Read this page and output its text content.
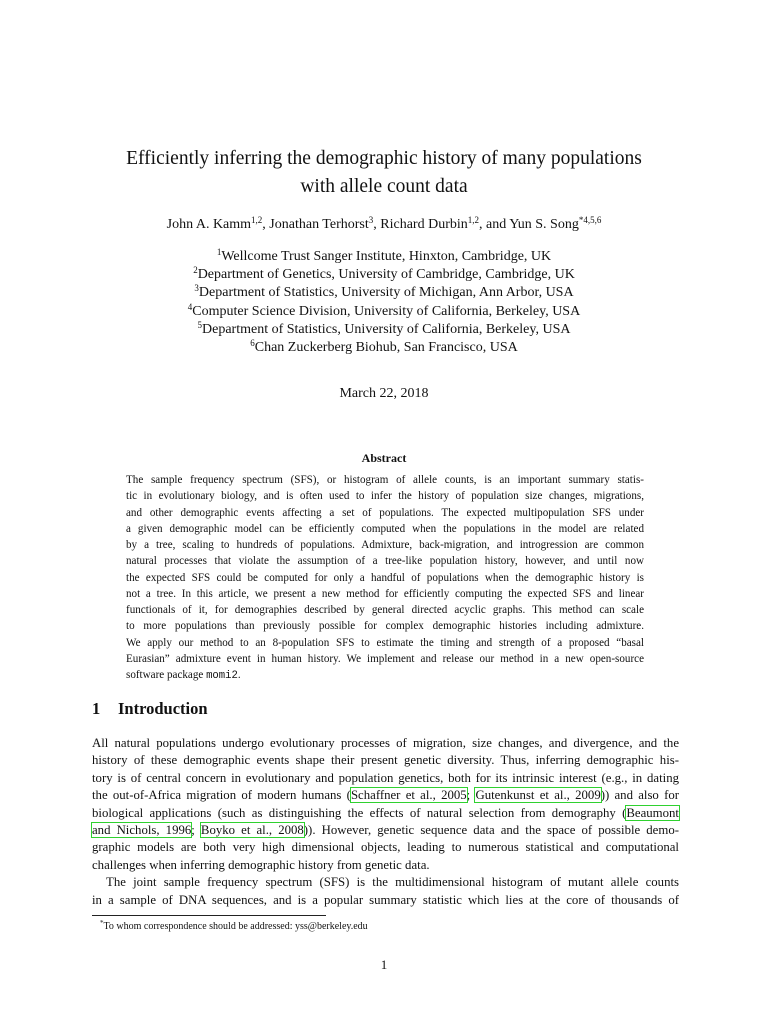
Efficiently inferring the demographic history of many populations
with allele count data
John A. Kamm$^{1,2}$, Jonathan Terhorst$^3$, Richard Durbin$^{1,2}$, and Yun S. Song$^{*4,5,6}$
$^1$Wellcome Trust Sanger Institute, Hinxton, Cambridge, UK
$^2$Department of Genetics, University of Cambridge, Cambridge, UK
$^3$Department of Statistics, University of Michigan, Ann Arbor, USA
$^4$Computer Science Division, University of California, Berkeley, USA
$^5$Department of Statistics, University of California, Berkeley, USA
$^6$Chan Zuckerberg Biohub, San Francisco, USA
March 22, 2018
Abstract
The sample frequency spectrum (SFS), or histogram of allele counts, is an important summary statis-
tic in evolutionary biology, and is often used to infer the history of population size changes, migrations,
and other demographic events affecting a set of populations. The expected multipopulation SFS under
a given demographic model can be efficiently computed when the populations in the model are related
by a tree, scaling to hundreds of populations. Admixture, back-migration, and introgression are common
natural processes that violate the assumption of a tree-like population history, however, and until now
the expected SFS could be computed for only a handful of populations when the demographic history is
not a tree. In this article, we present a new method for efficiently computing the expected SFS and linear
functionals of it, for demographies described by general directed acyclic graphs. This method can scale
to more populations than previously possible for complex demographic histories including admixture.
We apply our method to an 8-population SFS to estimate the timing and strength of a proposed “basal
Eurasian” admixture event in human history. We implement and release our method in a new open-source
software package momi2.
1 Introduction
All natural populations undergo evolutionary processes of migration, size changes, and divergence, and the
history of these demographic events shape their present genetic diversity. Thus, inferring demographic his-
tory is of central concern in evolutionary and population genetics, both for its intrinsic interest (e.g., in dating
the out-of-Africa migration of modern humans (Schaffner et al., 2005; Gutenkunst et al., 2009)) and also for
biological applications (such as distinguishing the effects of natural selection from demography (Beaumont
and Nichols, 1996; Boyko et al., 2008)). However, genetic sequence data and the space of possible demo-
graphic models are both very high dimensional objects, leading to numerous statistical and computational
challenges when inferring demographic history from genetic data.
The joint sample frequency spectrum (SFS) is the multidimensional histogram of mutant allele counts
in a sample of DNA sequences, and is a popular summary statistic which lies at the core of thousands of
*To whom correspondence should be addressed: yss@berkeley.edu
1
